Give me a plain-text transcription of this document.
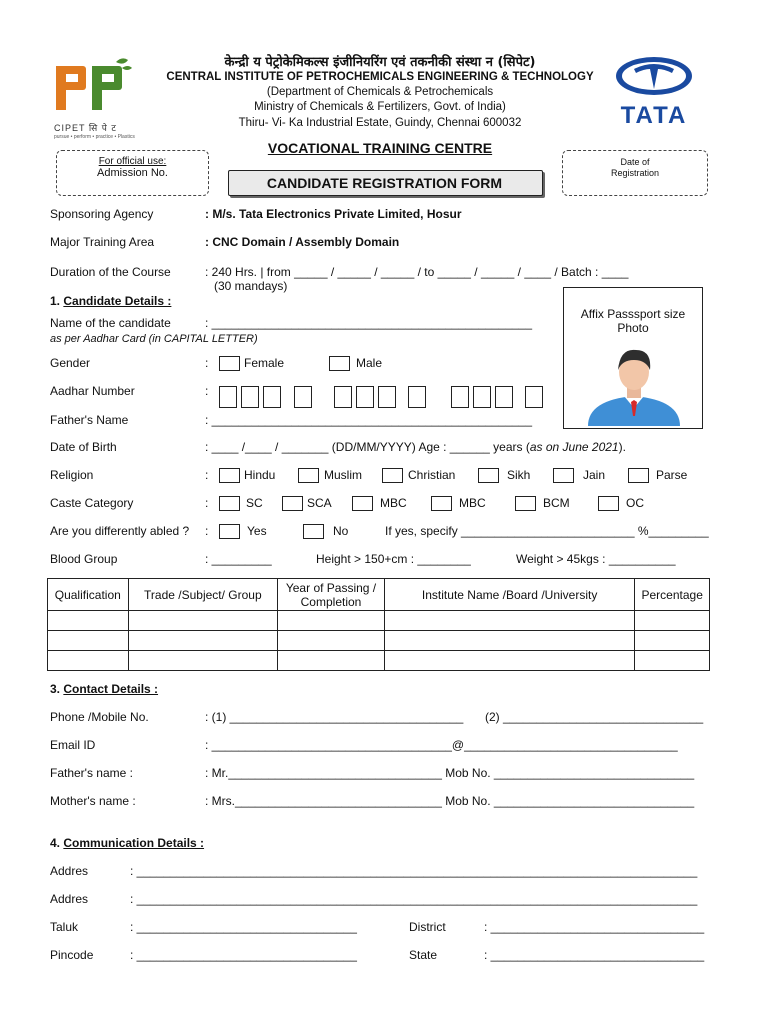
CIPET सि पे ट
pursue • perform • practice • Plastics
केन्द्री य पेट्रोकेमिकल्स इंजीनियरिंग एवं तकनीकी संस्था न (सिपेट)
CENTRAL INSTITUTE OF PETROCHEMICALS ENGINEERING & TECHNOLOGY
(Department of Chemicals & Petrochemicals
Ministry of Chemicals & Fertilizers, Govt. of India)
Thiru- Vi- Ka Industrial Estate, Guindy, Chennai 600032	TATA
VOCATIONAL TRAINING CENTRE
For official use:
Admission No.
Date of
Registration
CANDIDATE REGISTRATION FORM
Sponsoring Agency	: M/s. Tata Electronics Private Limited, Hosur
Major Training Area	: CNC Domain / Assembly Domain
Duration of the Course	: 240 Hrs. | from _____ / _____ / _____ / to _____ / _____ / ____ / Batch : ____
(30 mandays)
1. Candidate Details :
Affix Passsport size
Photo
Name of the candidate	: ________________________________________________
as per Aadhar Card (in CAPITAL LETTER)
Gender	:	Female	Male
Aadhar Number	:
Father's Name	: ________________________________________________
Date of Birth	: ____ /____ / _______ (DD/MM/YYYY) Age : ______ years (as on June 2021).
Religion	:	Hindu	Muslim	Christian	Sikh	Jain	Parse
Caste Category	:	SC	SCA	MBC	MBC	BCM	OC
Are you differently abled ? :	Yes	No	If yes, specify __________________________ %_________
Blood Group	: _________	Height > 150+cm : ________	Weight > 45kgs : __________
Qualification	Trade /Subject/ Group	Year of Passing / Completion	Institute Name /Board /University	Percentage

3. Contact Details :
Phone /Mobile No.	: (1) ___________________________________ (2) ______________________________
Email ID	: ____________________________________@________________________________
Father's name :	: Mr.________________________________ Mob No. ______________________________
Mother's name :	: Mrs._______________________________ Mob No. ______________________________
4. Communication Details :
Addres	: ____________________________________________________________________________________
Addres	: ____________________________________________________________________________________
Taluk	: _________________________________	District	: ________________________________
Pincode	: _________________________________	State	: ________________________________
